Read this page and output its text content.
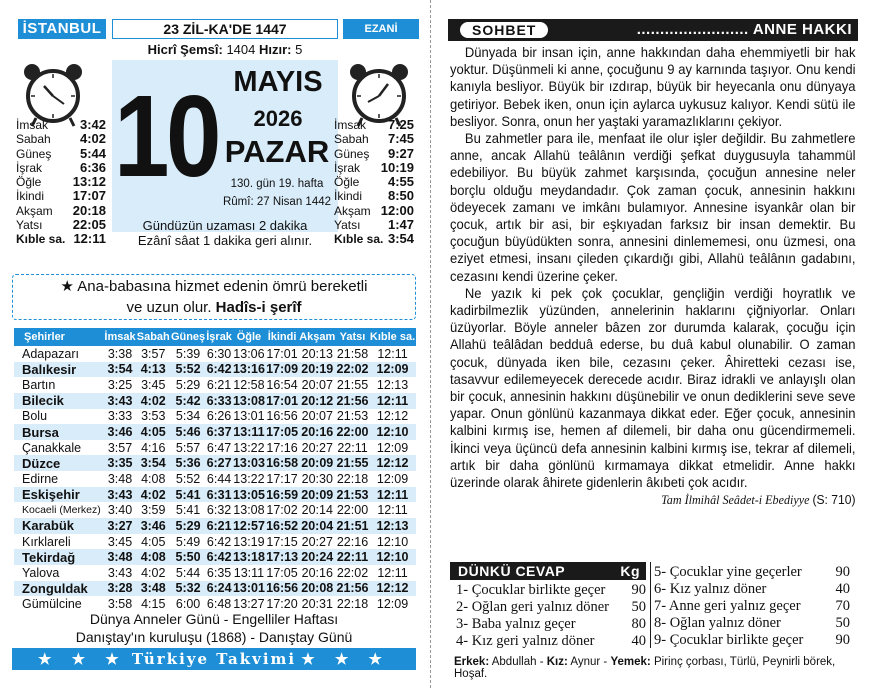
İSTANBUL	23 ZİL-KA'DE 1447	EZANİ (MAHALLİ)
Hicrî Şemsî: 1404 Hızır: 5
10 MAYIS
2026
PAZAR
130. gün 19. hafta
Rûmî: 27 Nisan 1442
İmsak 3:42
Sabah 4:02
Güneş 5:44
İşrak	6:36
Öğle 13:12
İkindi 17:07
Akşam 20:18
Yatsı 22:05
Kıble sa. 12:11
İmsak 7:25
Sabah 7:45
Güneş 9:27
İşrak 10:19
Öğle 4:55
İkindi 8:50
Akşam 12:00
Yatsı 1:47
Kıble sa. 3:54
Gündüzün uzaması 2 dakika
Ezânî sâat 1 dakika geri alınır.
★ Ana-babasına hizmet edenin ömrü bereketli
ve uzun olur. Hadîs-i şerîf
Şehirler	İmsak	Sabah	Güneş	İşrak	Öğle	İkindi	Akşam	Yatsı	Kıble sa.
Adapazarı	3:38	3:57	5:39	6:30	13:06	17:01	20:13	21:58	12:11
Balıkesir	3:54	4:13	5:52	6:42	13:16	17:09	20:19	22:02	12:09
Bartın	3:25	3:45	5:29	6:21	12:58	16:54	20:07	21:55	12:13
Bilecik	3:43	4:02	5:42	6:33	13:08	17:01	20:12	21:56	12:11
Bolu	3:33	3:53	5:34	6:26	13:01	16:56	20:07	21:53	12:12
Bursa	3:46	4:05	5:46	6:37	13:11	17:05	20:16	22:00	12:10
Çanakkale	3:57	4:16	5:57	6:47	13:22	17:16	20:27	22:11	12:09
Düzce	3:35	3:54	5:36	6:27	13:03	16:58	20:09	21:55	12:12
Edirne	3:48	4:08	5:52	6:44	13:22	17:17	20:30	22:18	12:09
Eskişehir	3:43	4:02	5:41	6:31	13:05	16:59	20:09	21:53	12:11
Kocaeli (Merkez)	3:40	3:59	5:41	6:32	13:08	17:02	20:14	22:00	12:11
Karabük	3:27	3:46	5:29	6:21	12:57	16:52	20:04	21:51	12:13
Kırklareli	3:45	4:05	5:49	6:42	13:19	17:15	20:27	22:16	12:10
Tekirdağ	3:48	4:08	5:50	6:42	13:18	17:13	20:24	22:11	12:10
Yalova	3:43	4:02	5:44	6:35	13:11	17:05	20:16	22:02	12:11
Zonguldak	3:28	3:48	5:32	6:24	13:01	16:56	20:08	21:56	12:12
Gümülcine	3:58	4:15	6:00	6:48	13:27	17:20	20:31	22:18	12:09
Dünya Anneler Günü - Engelliler Haftası
Danıştay'ın kuruluşu (1868) - Danıştay Günü
★ ★ ★ Türkiye Takvimi ★ ★ ★
SOHBET	........................ ANNE HAKKI

Dünyada bir insan için, anne hakkından daha ehemmiyetli bir hak yoktur. Düşünmeli ki anne, çocuğunu 9 ay karnında taşıyor. Onu kendi kanıyla besliyor. Büyük bir ızdırap, büyük bir heyecanla onu dünyaya getiriyor. Bebek iken, onun için aylarca uykusuz kalıyor. Kendi sütü ile besliyor. Sonra, onun her yaştaki yaramazlıklarını çekiyor.

Bu zahmetler para ile, menfaat ile olur işler değildir. Bu zahmetlere anne, ancak Allahü teâlânın verdiği şefkat duygusuyla tahammül edebiliyor. Bu büyük zahmet karşısında, çocuğun annesine neler borçlu olduğu meydandadır. Çok zaman çocuk, annesinin hakkını ödeyecek zamanı ve imkânı bulamıyor. Annesine isyankâr olan bir çocuk, artık bir asi, bir eşkıyadan farksız bir insan demektir. Bu çocuğun büyüdükten sonra, annesini dinlememesi, onu üzmesi, ona eziyet etmesi, insanı çileden çıkardığı gibi, Allahü teâlânın gadabını, cezasını kendi üzerine çeker.

Ne yazık ki pek çok çocuklar, gençliğin verdiği hoyratlık ve kadirbilmezlik yüzünden, annelerinin haklarını çiğniyorlar. Onları üzüyorlar. Böyle anneler bâzen zor durumda kalarak, çocuğu için Allahü teâlâdan bedduâ ederse, bu duâ kabul olunabilir. O zaman çocuk, dünyada iken bile, cezasını çeker. Âhiretteki cezası ise, tasavvur edilemeyecek derecede acıdır. Biraz idrakli ve anlayışlı olan bir çocuk, annesinin hakkını düşünebilir ve onun dediklerini seve seve yapar. Onun gönlünü kazanmaya dikkat eder. Eğer çocuk, annesinin kalbini kırmış ise, hemen af dilemeli, bir daha onu gücendirmemeli. İkinci veya üçüncü defa annesinin kalbini kırmış ise, tekrar af dilemeli, artık bir daha gönlünü kırmamaya dikkat etmelidir. Anne hakkı üzerinde olarak âhirete gidenlerin âkıbeti çok acıdır.
Tam İlmihâl Seâdet-i Ebediyye (S: 710)

DÜNKÜ CEVAP	Kg
1- Çocuklar birlikte geçer 90
2- Oğlan geri yalnız döner 50
3- Baba yalnız geçer	80
4- Kız geri yalnız döner	40
5- Çocuklar yine geçerler 90
6- Kız yalnız döner	40
7- Anne geri yalnız geçer 70
8- Oğlan yalnız döner	50
9- Çocuklar birlikte geçer 90
Erkek: Abdullah - Kız: Aynur - Yemek: Pirinç çorbası, Türlü, Peynirli börek, Hoşaf.
